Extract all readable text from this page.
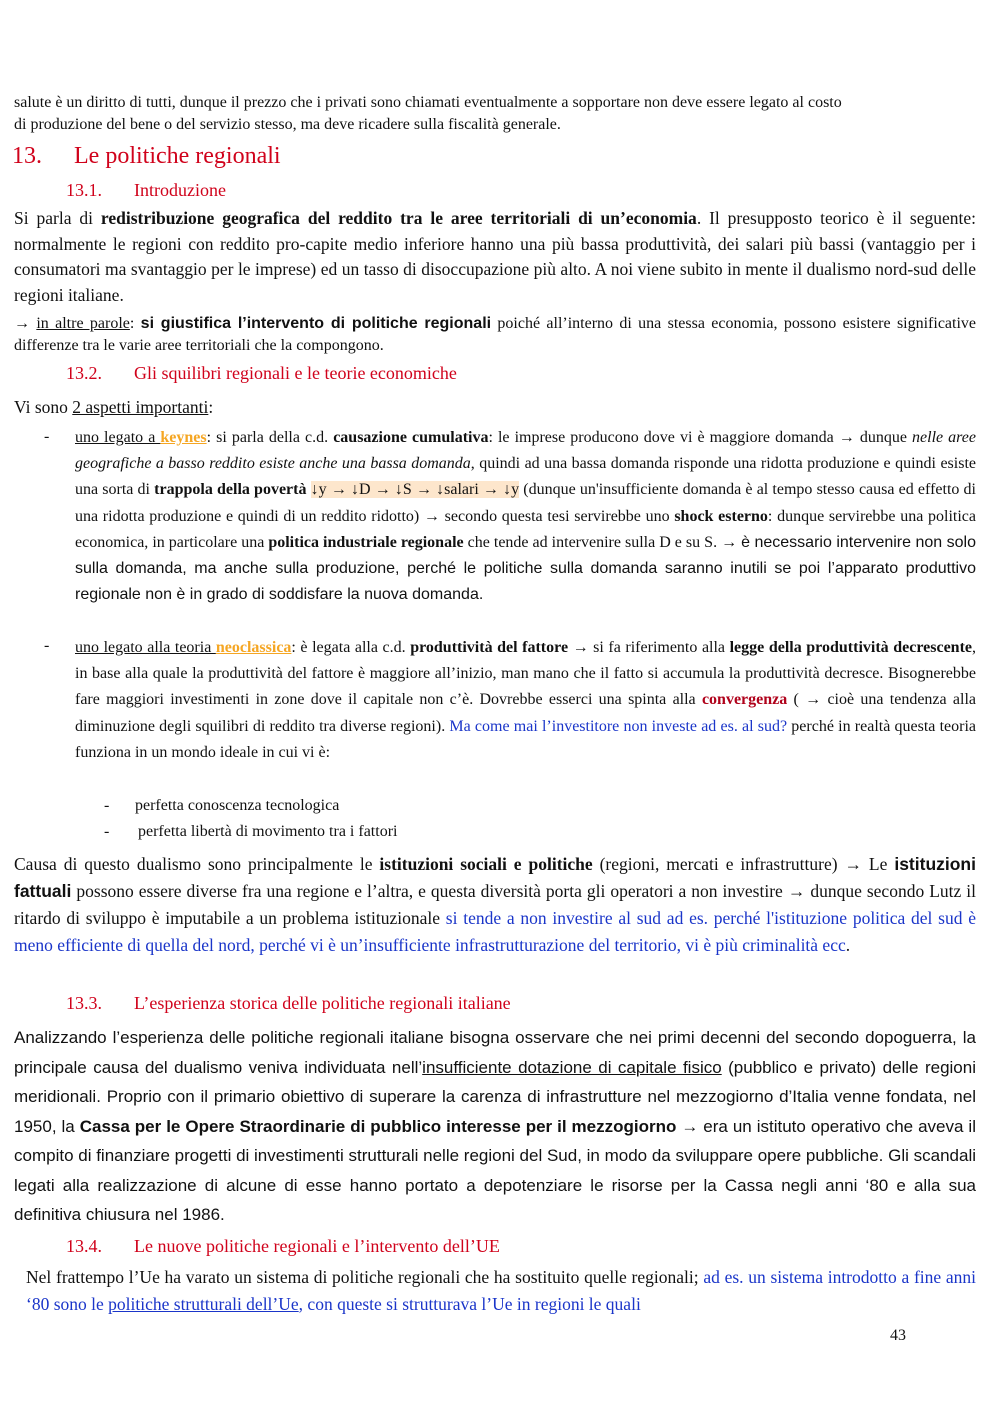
salute è un diritto di tutti, dunque il prezzo che i privati sono chiamati eventualmente a sopportare non deve essere legato al costo
di produzione del bene o del servizio stesso, ma deve ricadere sulla fiscalità generale.
13. Le politiche regionali
13.1. Introduzione
Si parla di redistribuzione geografica del reddito tra le aree territoriali di un’economia. Il presupposto teorico è il seguente: normalmente le regioni con reddito pro-capite medio inferiore hanno una più bassa produttività, dei salari più bassi (vantaggio per i consumatori ma svantaggio per le imprese) ed un tasso di disoccupazione più alto. A noi viene subito in mente il dualismo nord-sud delle regioni italiane.
→ in altre parole: si giustifica l’intervento di politiche regionali poiché all’interno di una stessa economia, possono esistere significative differenze tra le varie aree territoriali che la compongono.
13.2. Gli squilibri regionali e le teorie economiche
Vi sono 2 aspetti importanti:
- uno legato a keynes: si parla della c.d. causazione cumulativa: le imprese producono dove vi è maggiore domanda → dunque nelle aree geografiche a basso reddito esiste anche una bassa domanda, quindi ad una bassa domanda risponde una ridotta produzione e quindi esiste una sorta di trappola della povertà ↓y → ↓D → ↓S → ↓salari → ↓y (dunque un'insufficiente domanda è al tempo stesso causa ed effetto di una ridotta produzione e quindi di un reddito ridotto) → secondo questa tesi servirebbe uno shock esterno: dunque servirebbe una politica economica, in particolare una politica industriale regionale che tende ad intervenire sulla D e su S. → è necessario intervenire non solo sulla domanda, ma anche sulla produzione, perché le politiche sulla domanda saranno inutili se poi l’apparato produttivo regionale non è in grado di soddisfare la nuova domanda.
- uno legato alla teoria neoclassica: è legata alla c.d. produttività del fattore → si fa riferimento alla legge della produttività decrescente, in base alla quale la produttività del fattore è maggiore all’inizio, man mano che il fatto si accumula la produttività decresce. Bisognerebbe fare maggiori investimenti in zone dove il capitale non c’è. Dovrebbe esserci una spinta alla convergenza ( → cioè una tendenza alla diminuzione degli squilibri di reddito tra diverse regioni). Ma come mai l’investitore non investe ad es. al sud? perché in realtà questa teoria funziona in un mondo ideale in cui vi è:
- perfetta conoscenza tecnologica
- perfetta libertà di movimento tra i fattori
Causa di questo dualismo sono principalmente le istituzioni sociali e politiche (regioni, mercati e infrastrutture) → Le istituzioni fattuali possono essere diverse fra una regione e l’altra, e questa diversità porta gli operatori a non investire → dunque secondo Lutz il ritardo di sviluppo è imputabile a un problema istituzionale si tende a non investire al sud ad es. perché l'istituzione politica del sud è meno efficiente di quella del nord, perché vi è un’insufficiente infrastrutturazione del territorio, vi è più criminalità ecc.
13.3. L’esperienza storica delle politiche regionali italiane
Analizzando l’esperienza delle politiche regionali italiane bisogna osservare che nei primi decenni del secondo dopoguerra, la principale causa del dualismo veniva individuata nell’insufficiente dotazione di capitale fisico (pubblico e privato) delle regioni meridionali. Proprio con il primario obiettivo di superare la carenza di infrastrutture nel mezzogiorno d’Italia venne fondata, nel 1950, la Cassa per le Opere Straordinarie di pubblico interesse per il mezzogiorno → era un istituto operativo che aveva il compito di finanziare progetti di investimenti strutturali nelle regioni del Sud, in modo da sviluppare opere pubbliche. Gli scandali legati alla realizzazione di alcune di esse hanno portato a depotenziare le risorse per la Cassa negli anni ‘80 e alla sua definitiva chiusura nel 1986.
13.4. Le nuove politiche regionali e l’intervento dell’UE
Nel frattempo l’Ue ha varato un sistema di politiche regionali che ha sostituito quelle regionali; ad es. un sistema introdotto a fine anni ‘80 sono le politiche strutturali dell’Ue, con queste si strutturava l’Ue in regioni le quali
43
